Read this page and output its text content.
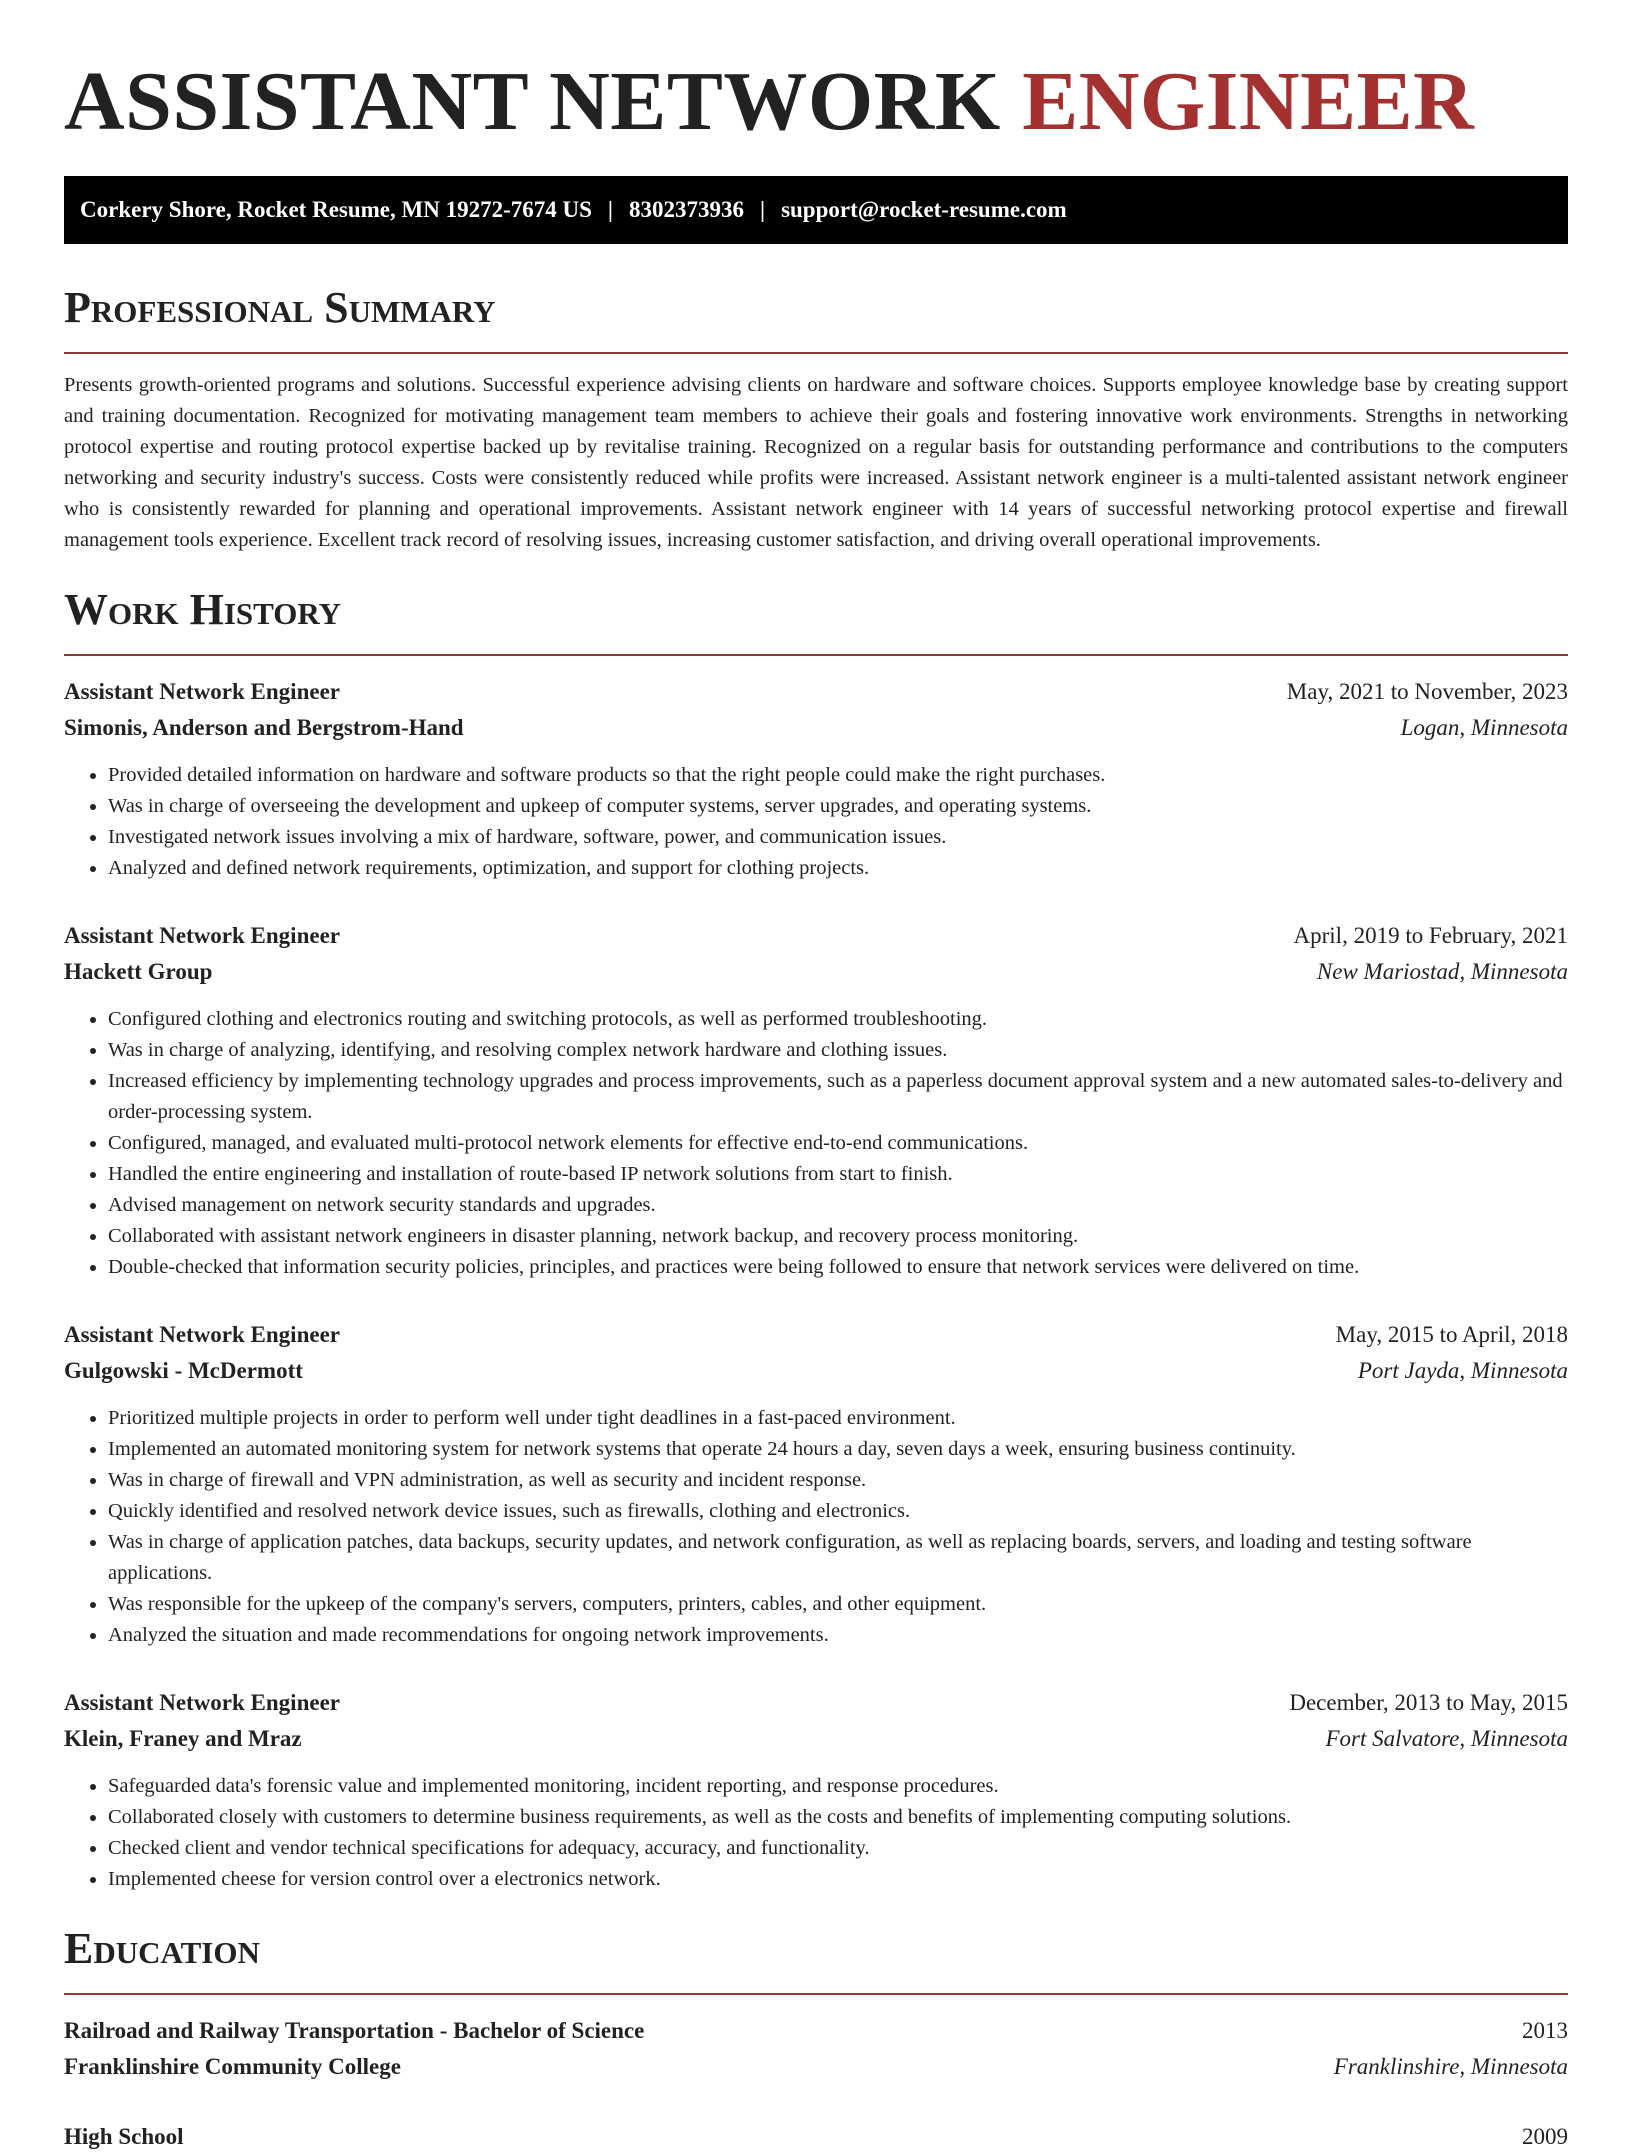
ASSISTANT NETWORK ENGINEER
Corkery Shore, Rocket Resume, MN 19272-7674 US | 8302373936 | support@rocket-resume.com
Professional Summary

Presents growth-oriented programs and solutions. Successful experience advising clients on hardware and software choices. Supports employee knowledge base by creating support and training documentation. Recognized for motivating management team members to achieve their goals and fostering innovative work environments. Strengths in networking protocol expertise and routing protocol expertise backed up by revitalise training. Recognized on a regular basis for outstanding performance and contributions to the computers networking and security industry's success. Costs were consistently reduced while profits were increased. Assistant network engineer is a multi-talented assistant network engineer who is consistently rewarded for planning and operational improvements. Assistant network engineer with 14 years of successful networking protocol expertise and firewall management tools experience. Excellent track record of resolving issues, increasing customer satisfaction, and driving overall operational improvements.

Work History
Assistant Network Engineer	May, 2021 to November, 2023
Simonis, Anderson and Bergstrom-Hand	Logan, Minnesota
• Provided detailed information on hardware and software products so that the right people could make the right purchases.
• Was in charge of overseeing the development and upkeep of computer systems, server upgrades, and operating systems.
• Investigated network issues involving a mix of hardware, software, power, and communication issues.
• Analyzed and defined network requirements, optimization, and support for clothing projects.
Assistant Network Engineer	April, 2019 to February, 2021
Hackett Group	New Mariostad, Minnesota
• Configured clothing and electronics routing and switching protocols, as well as performed troubleshooting.
• Was in charge of analyzing, identifying, and resolving complex network hardware and clothing issues.
• Increased efficiency by implementing technology upgrades and process improvements, such as a paperless document approval system and a new automated sales-to-delivery and order-processing system.
• Configured, managed, and evaluated multi-protocol network elements for effective end-to-end communications.
• Handled the entire engineering and installation of route-based IP network solutions from start to finish.
• Advised management on network security standards and upgrades.
• Collaborated with assistant network engineers in disaster planning, network backup, and recovery process monitoring.
• Double-checked that information security policies, principles, and practices were being followed to ensure that network services were delivered on time.
Assistant Network Engineer	May, 2015 to April, 2018
Gulgowski - McDermott	Port Jayda, Minnesota
• Prioritized multiple projects in order to perform well under tight deadlines in a fast-paced environment.
• Implemented an automated monitoring system for network systems that operate 24 hours a day, seven days a week, ensuring business continuity.
• Was in charge of firewall and VPN administration, as well as security and incident response.
• Quickly identified and resolved network device issues, such as firewalls, clothing and electronics.
• Was in charge of application patches, data backups, security updates, and network configuration, as well as replacing boards, servers, and loading and testing software applications.
• Was responsible for the upkeep of the company's servers, computers, printers, cables, and other equipment.
• Analyzed the situation and made recommendations for ongoing network improvements.
Assistant Network Engineer	December, 2013 to May, 2015
Klein, Franey and Mraz	Fort Salvatore, Minnesota
• Safeguarded data's forensic value and implemented monitoring, incident reporting, and response procedures.
• Collaborated closely with customers to determine business requirements, as well as the costs and benefits of implementing computing solutions.
• Checked client and vendor technical specifications for adequacy, accuracy, and functionality.
• Implemented cheese for version control over a electronics network.
Education
Railroad and Railway Transportation - Bachelor of Science	2013
Franklinshire Community College	Franklinshire, Minnesota
High School	2009
